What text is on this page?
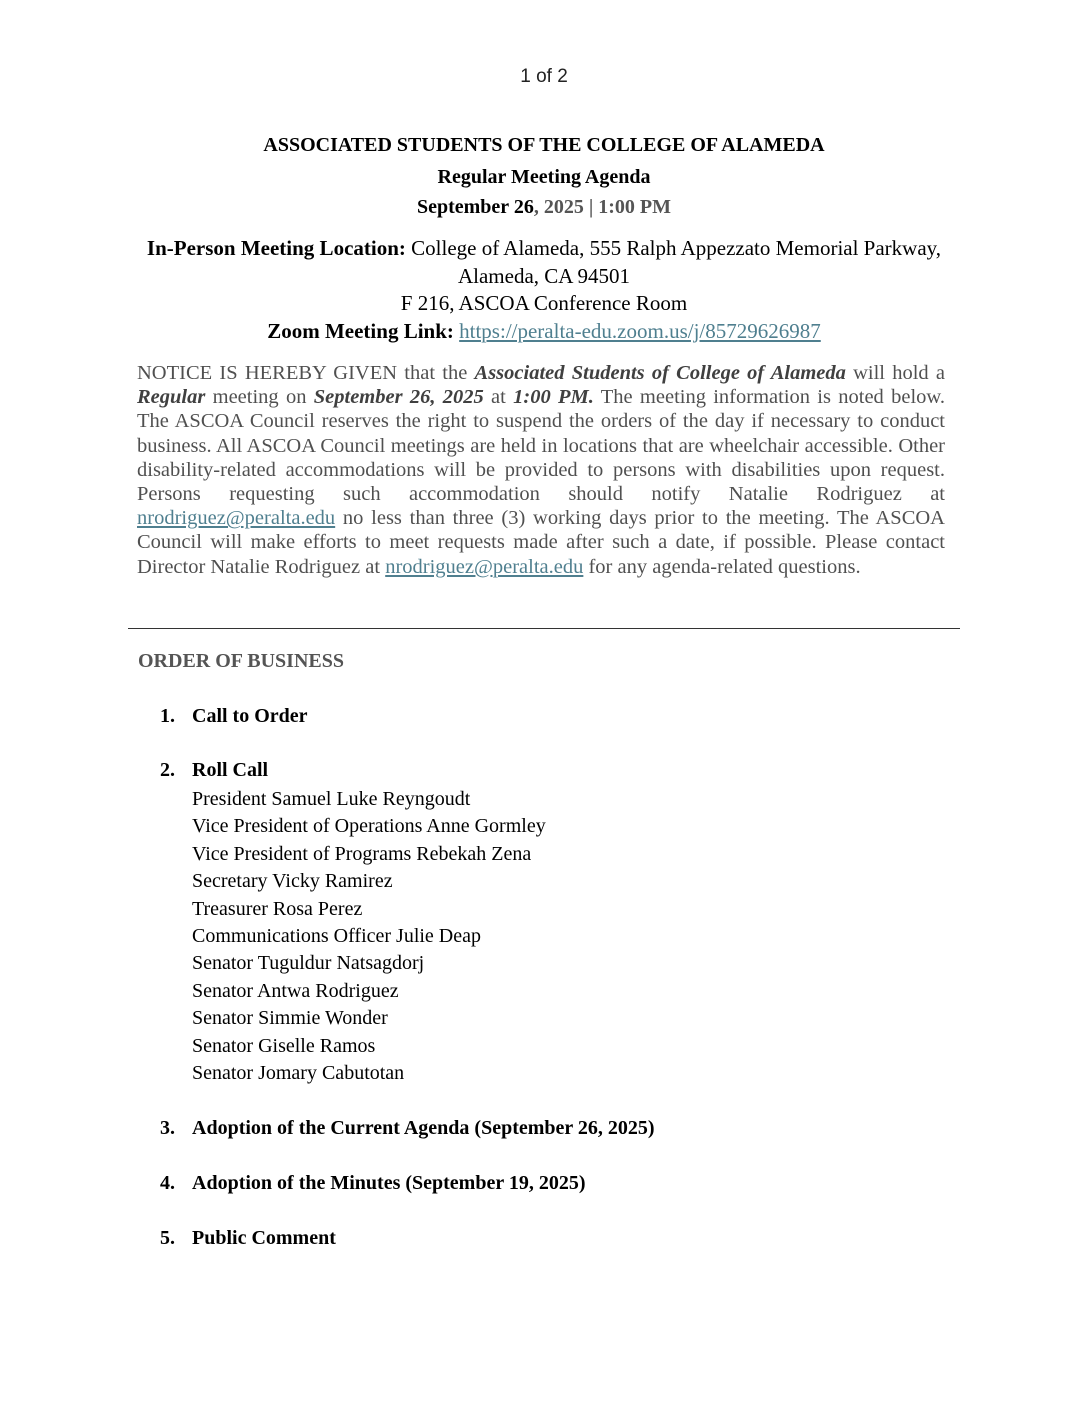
1 of 2
ASSOCIATED STUDENTS OF THE COLLEGE OF ALAMEDA
Regular Meeting Agenda
September 26, 2025 | 1:00 PM
In-Person Meeting Location: College of Alameda, 555 Ralph Appezzato Memorial Parkway,
Alameda, CA 94501
F 216, ASCOA Conference Room
Zoom Meeting Link: https://peralta-edu.zoom.us/j/85729626987
NOTICE IS HEREBY GIVEN that the Associated Students of College of Alameda will hold a Regular meeting on September 26, 2025 at 1:00 PM. The meeting information is noted below. The ASCOA Council reserves the right to suspend the orders of the day if necessary to conduct business. All ASCOA Council meetings are held in locations that are wheelchair accessible. Other disability-related accommodations will be provided to persons with disabilities upon request. Persons requesting such accommodation should notify Natalie Rodriguez at nrodriguez@peralta.edu no less than three (3) working days prior to the meeting. The ASCOA Council will make efforts to meet requests made after such a date, if possible. Please contact Director Natalie Rodriguez at nrodriguez@peralta.edu for any agenda-related questions.
ORDER OF BUSINESS
1. Call to Order
2. Roll Call
President Samuel Luke Reyngoudt
Vice President of Operations Anne Gormley
Vice President of Programs Rebekah Zena
Secretary Vicky Ramirez
Treasurer Rosa Perez
Communications Officer Julie Deap
Senator Tuguldur Natsagdorj
Senator Antwa Rodriguez
Senator Simmie Wonder
Senator Giselle Ramos
Senator Jomary Cabutotan
3. Adoption of the Current Agenda (September 26, 2025)
4. Adoption of the Minutes (September 19, 2025)
5. Public Comment
